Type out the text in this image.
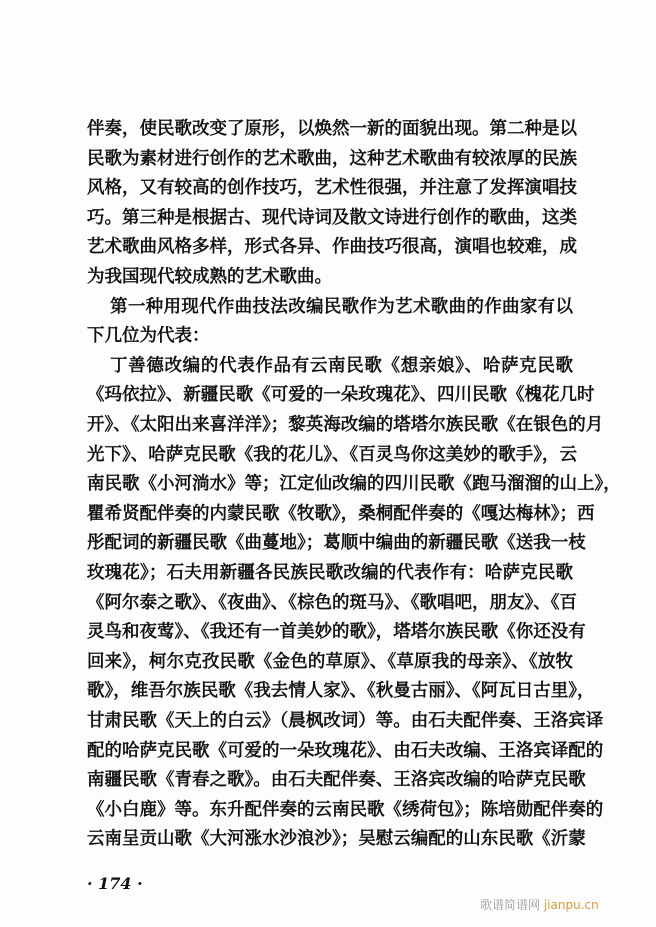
伴奏，使民歌改变了原形，以焕然一新的面貌出现。第二种是以
民歌为素材进行创作的艺术歌曲，这种艺术歌曲有较浓厚的民族
风格，又有较高的创作技巧，艺术性很强，并注意了发挥演唱技
巧。第三种是根据古、现代诗词及散文诗进行创作的歌曲，这类
艺术歌曲风格多样，形式各异、作曲技巧很高，演唱也较难，成
为我国现代较成熟的艺术歌曲。
第一种用现代作曲技法改编民歌作为艺术歌曲的作曲家有以
下几位为代表：
丁善德改编的代表作品有云南民歌《想亲娘》、哈萨克民歌
《玛依拉》、新疆民歌《可爱的一朵玫瑰花》、四川民歌《槐花几时
开》、《太阳出来喜洋洋》；黎英海改编的塔塔尔族民歌《在银色的月
光下》、哈萨克民歌《我的花儿》、《百灵鸟你这美妙的歌手》，云
南民歌《小河淌水》等；江定仙改编的四川民歌《跑马溜溜的山上》，
瞿希贤配伴奏的内蒙民歌《牧歌》，桑桐配伴奏的《嘎达梅林》；西
彤配词的新疆民歌《曲蔓地》；葛顺中编曲的新疆民歌《送我一枝
玫瑰花》；石夫用新疆各民族民歌改编的代表作有：哈萨克民歌
《阿尔泰之歌》、《夜曲》、《棕色的斑马》、《歌唱吧，朋友》、《百
灵鸟和夜莺》、《我还有一首美妙的歌》，塔塔尔族民歌《你还没有
回来》，柯尔克孜民歌《金色的草原》、《草原我的母亲》、《放牧
歌》，维吾尔族民歌《我去情人家》、《秋曼古丽》、《阿瓦日古里》，
甘肃民歌《天上的白云》（晨枫改词）等。由石夫配伴奏、王洛宾译
配的哈萨克民歌《可爱的一朵玫瑰花》、由石夫改编、王洛宾译配的
南疆民歌《青春之歌》。由石夫配伴奏、王洛宾改编的哈萨克民歌
《小白鹿》等。东升配伴奏的云南民歌《绣荷包》；陈培勋配伴奏的
云南呈贡山歌《大河涨水沙浪沙》；吴慰云编配的山东民歌《沂蒙
· 174 ·
歌谱简谱网 jianpu.cn
